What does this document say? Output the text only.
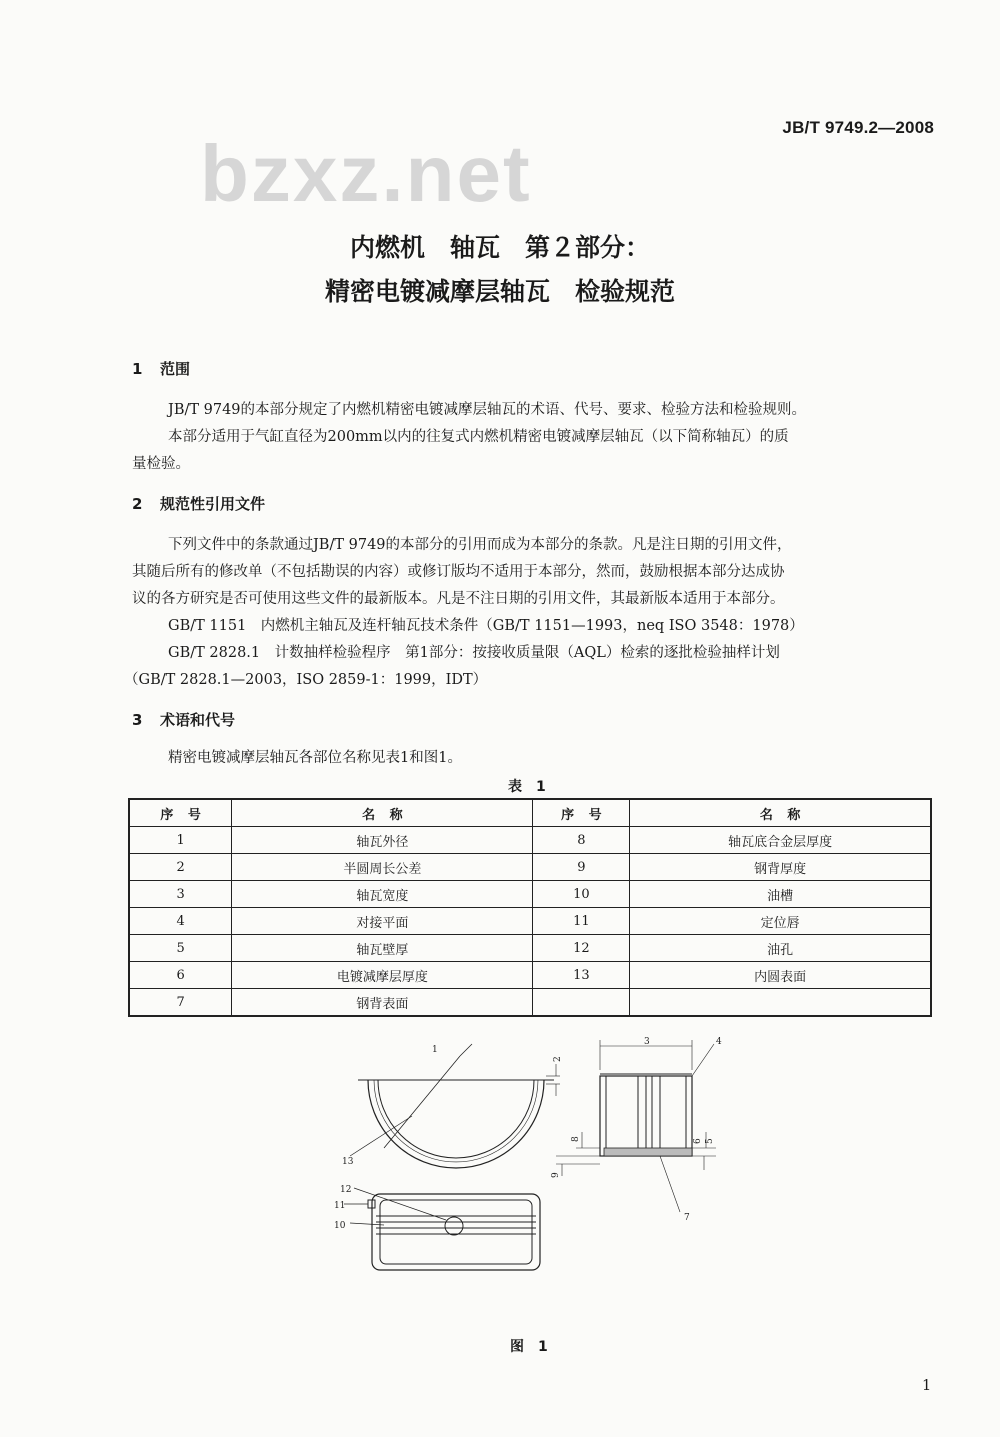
JB/T 9749.2—2008
bzxz.net
内燃机　轴瓦　第２部分：
精密电镀减摩层轴瓦　检验规范
1 范围
JB/T 9749的本部分规定了内燃机精密电镀减摩层轴瓦的术语、代号、要求、检验方法和检验规则。
本部分适用于气缸直径为200mm以内的往复式内燃机精密电镀减摩层轴瓦（以下简称轴瓦）的质
量检验。
2 规范性引用文件
下列文件中的条款通过JB/T 9749的本部分的引用而成为本部分的条款。凡是注日期的引用文件，
其随后所有的修改单（不包括勘误的内容）或修订版均不适用于本部分，然而，鼓励根据本部分达成协
议的各方研究是否可使用这些文件的最新版本。凡是不注日期的引用文件，其最新版本适用于本部分。
GB/T 1151　内燃机主轴瓦及连杆轴瓦技术条件（GB/T 1151—1993，neq ISO 3548：1978）
GB/T 2828.1　计数抽样检验程序　第1部分：按接收质量限（AQL）检索的逐批检验抽样计划
（GB/T 2828.1—2003，ISO 2859-1：1999，IDT）
3 术语和代号
精密电镀减摩层轴瓦各部位名称见表1和图1。
表　1
序 号	名 称	序 号	名 称
1	轴瓦外径	8	轴瓦底合金层厚度
2	半圆周长公差	9	钢背厚度
3	轴瓦宽度	10	油槽
4	对接平面	11	定位唇
5	轴瓦壁厚	12	油孔
6	电镀减摩层厚度	13	内圆表面
7	钢背表面		
1
2
3	4
5
6
7
8
9
10
11
12
13
图　1
1
